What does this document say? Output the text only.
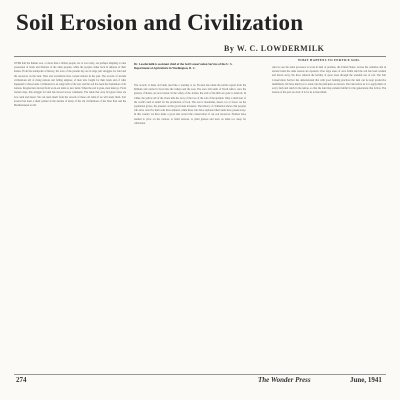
Soil Erosion and Civilization
By W. C. LOWDERMILK

OVER half the human race, or more than a billion people, are at war today, are perhaps tempting to take possession of lands and liberties of the other peoples, while the peoples strike back in defense of their homes. From the standpoint of history, the wars of the present day are in large part struggles for land and the resources on the land. Wars and revolutions have rocked nations in the past. The records of ancient civilizations tell of rising nations and falling empires; of men who fought for their lands and of what happened to those lands. Civilization is an outgrowth of the soil, and the soil has been the foundation of all nations. Peoples have moved from worn-out lands to new lands. When the soil is gone, men must go. From ancient days, this struggle for land has moved across continents. The lands that once fed great cities are now sand and desert. We can learn much from the records of these old lands if we will study them. Soil erosion has been a silent partner in the decline of many of the old civilizations of the Near East and the Mediterranean world.

The records of these old lands read like a warning to us. Erosion has taken the fertile topsoil from the hillsides and carried it down into the valleys and the seas. The once rich lands of North Africa, once the granary of Rome, are now barren. In the valley of the Jordan, the soils of the hills are gone to bedrock. In China, the yellow silt of the rivers tells the story of the loss of the soil of the uplands. Only a small part of the world's land is suited for the production of food. The rest is mountains, desert, ice or forest. As the population grows, the pressure on the good lands increases. The history of civilization shows that peoples who have cared for their soils have endured, while those who have exploited their lands have passed away. In this country we have made a good start toward the conservation of our soil resources. Farmers have learned to plow on the contour, to build terraces, to plant grasses and trees on lands too steep for cultivation.

Dr. Lowdermilk is assistant chief of the Soil Conservation Service of the U. S. Department of Agriculture in Washington, D. C.
WHAT HAPPENS TO FERTILE SOIL

And we see the same processes at work in land of promise, the United States. Across the centuries and in ancient lands the same lessons are repeated. Over large areas of once fertile land the soil has been washed and blown away. We have reduced the fertility of great areas through the wasteful use of soil. The Soil Conservation Service has demonstrated that with good farming practices the land can be kept productive indefinitely. We have much yet to learn, but the principles are known. The task before us is to apply them on every farm and ranch in the nation, so that the land may remain fruitful for the generations that follow. The lessons of the past are clear. It is for us to heed them.

274	The Wonder Press	June, 1941
